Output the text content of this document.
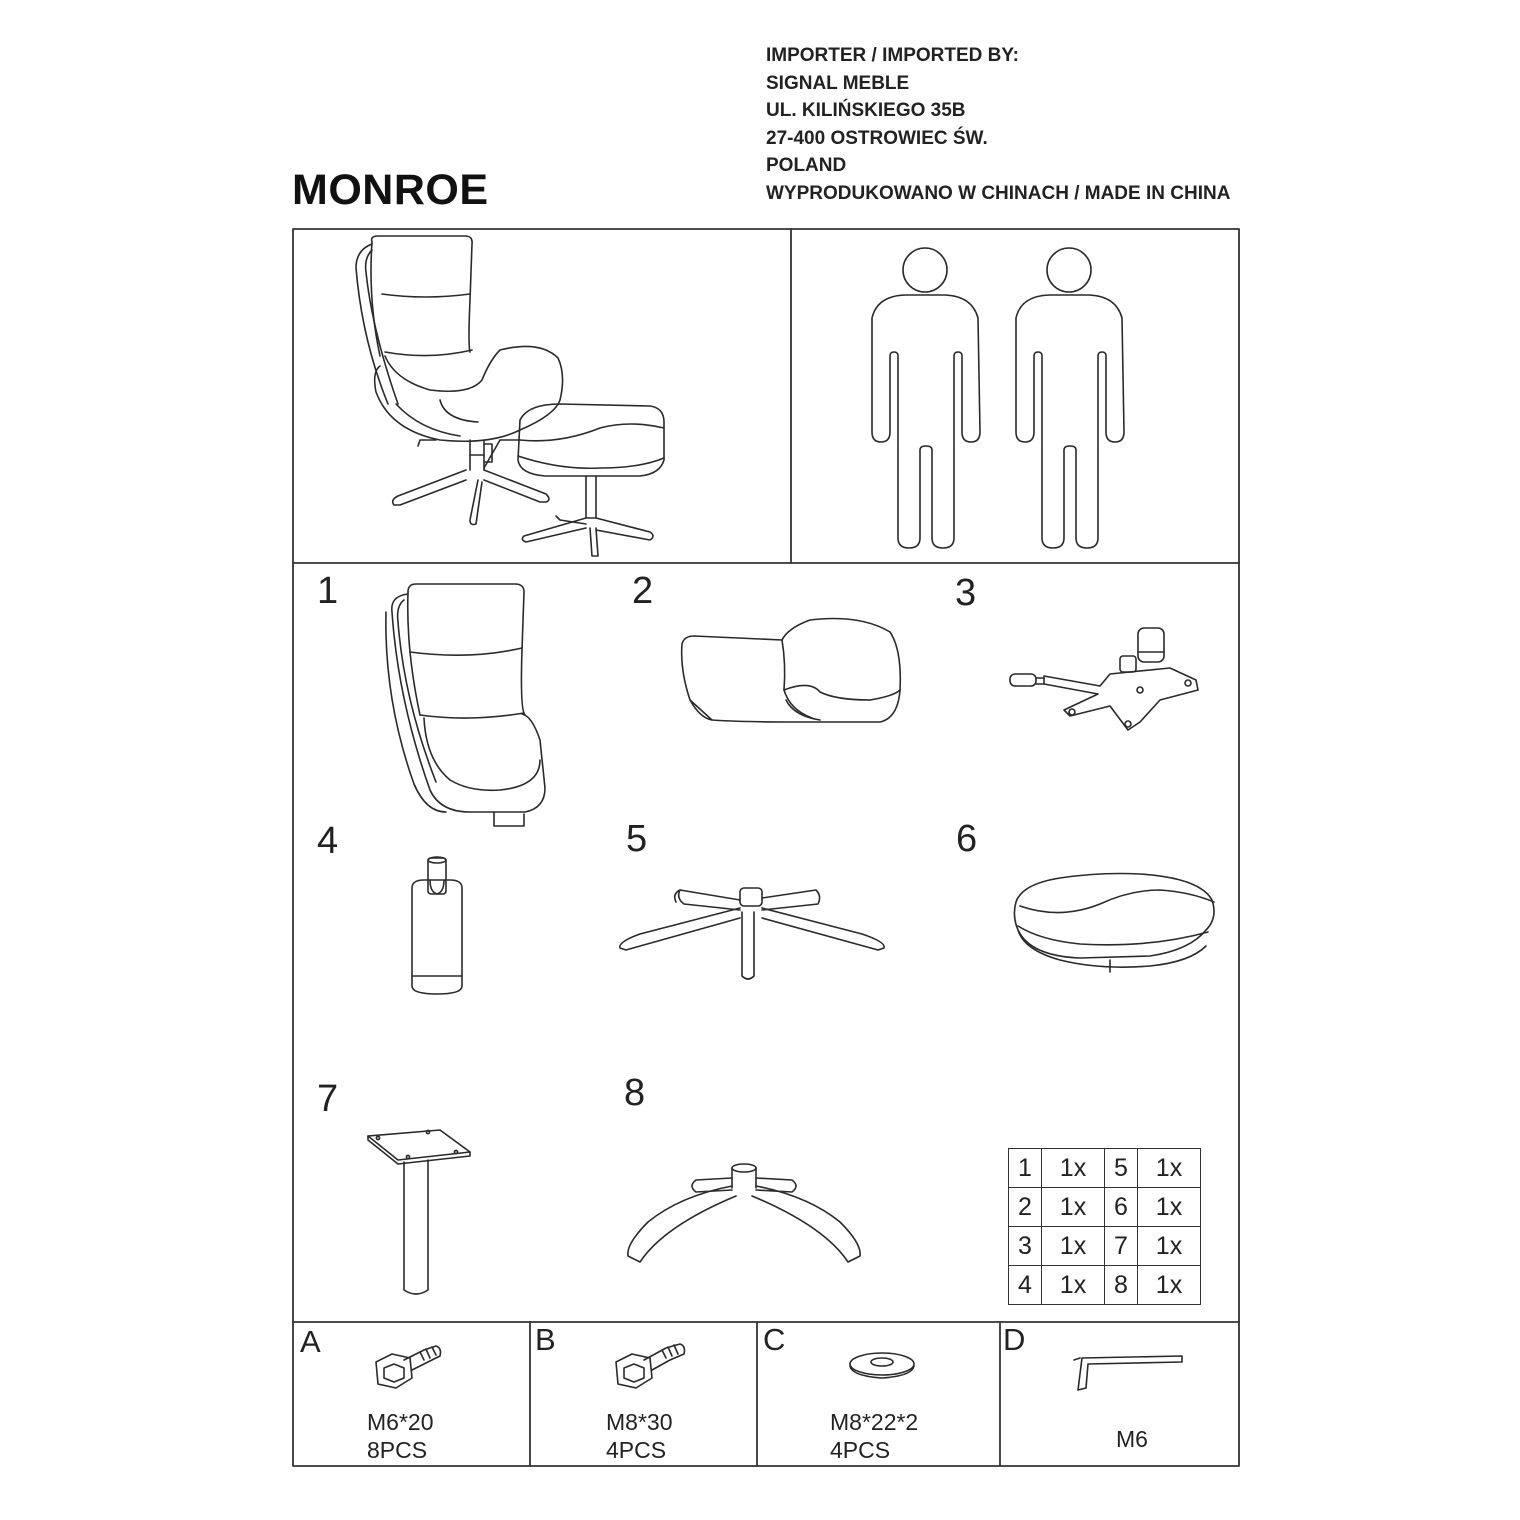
IMPORTER / IMPORTED BY:
SIGNAL MEBLE
UL. KILIŃSKIEGO 35B
27-400 OSTROWIEC ŚW.
POLAND
WYPRODUKOWANO W CHINACH / MADE IN CHINA
MONROE
1	2	3
4	5	6
7	8
1	1x	5	1x
2	1x	6	1x
3	1x	7	1x
4	1x	8	1x
A
M6*20
8PCS
B
M8*30
4PCS
C
M8*22*2
4PCS
D
M6
